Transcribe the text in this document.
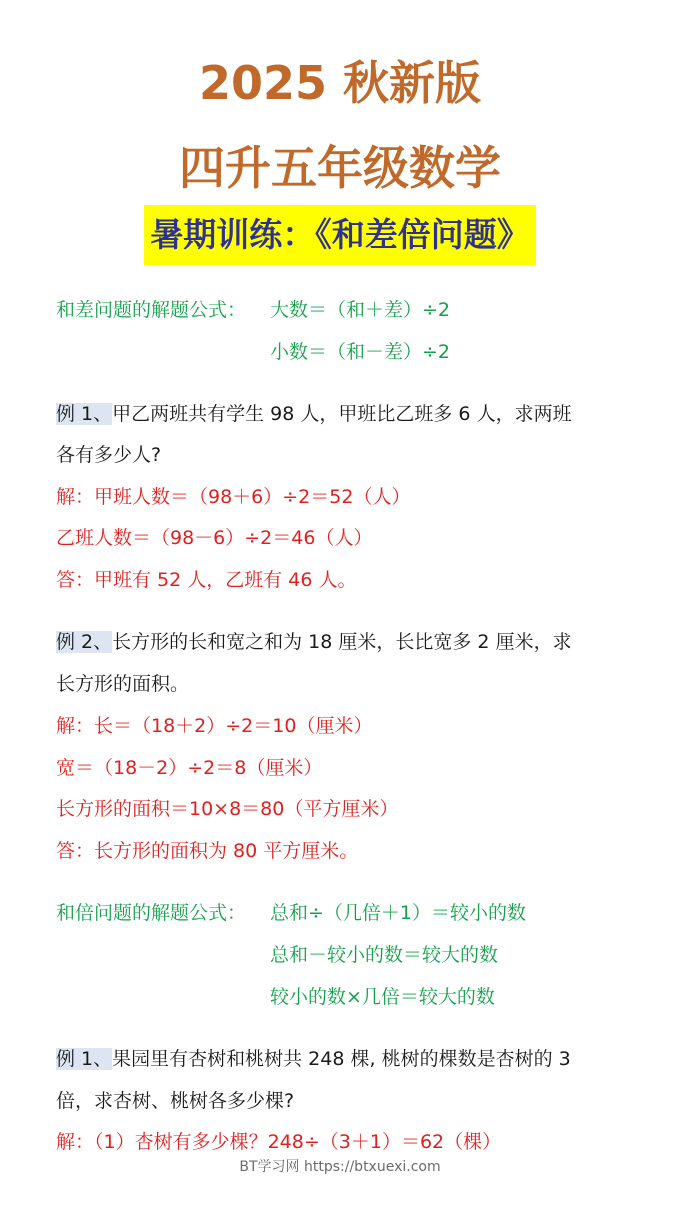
2025 秋新版
四升五年级数学
暑期训练：《和差倍问题》

和差问题的解题公式： 大数＝（和＋差）÷2

小数＝（和－差）÷2

例 1、甲乙两班共有学生 98 人，甲班比乙班多 6 人，求两班

各有多少人?

解：甲班人数＝（98＋6）÷2＝52（人）

乙班人数＝（98－6）÷2＝46（人）

答：甲班有 52 人，乙班有 46 人。

例 2、长方形的长和宽之和为 18 厘米，长比宽多 2 厘米，求

长方形的面积。

解：长＝（18＋2）÷2＝10（厘米）

宽＝（18－2）÷2＝8（厘米）

长方形的面积＝10×8＝80（平方厘米）

答：长方形的面积为 80 平方厘米。

和倍问题的解题公式： 总和÷（几倍＋1）＝较小的数

总和－较小的数＝较大的数

较小的数×几倍＝较大的数

例 1、果园里有杏树和桃树共 248 棵, 桃树的棵数是杏树的 3

倍，求杏树、桃树各多少棵?

解：（1）杏树有多少棵？248÷（3＋1）＝62（棵）

BT学习网 https://btxuexi.com
